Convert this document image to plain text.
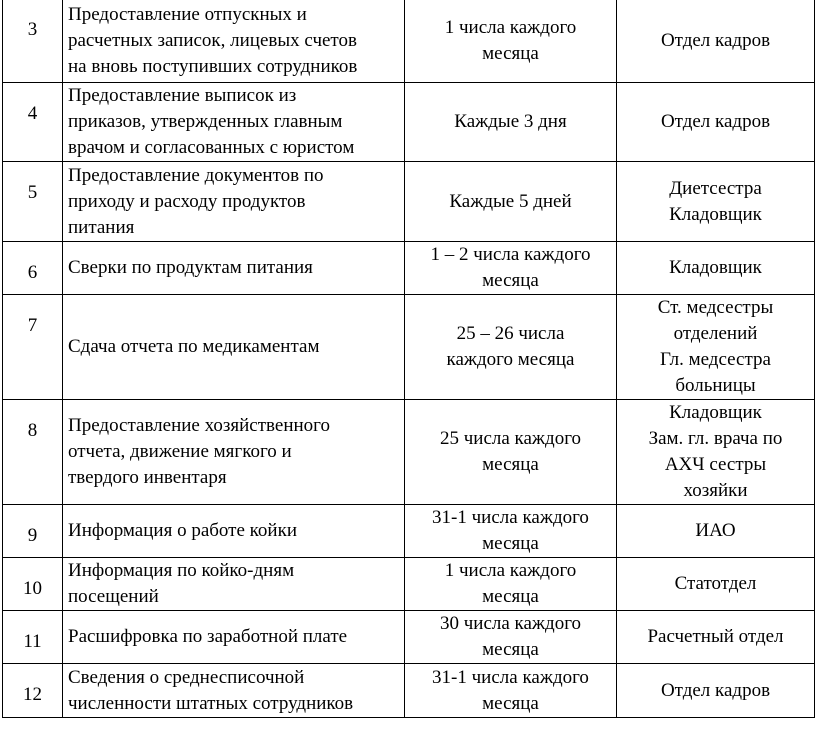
3	Предоставление отпускных и
расчетных записок, лицевых счетов
на вновь поступивших сотрудников	1 числа каждого
месяца	Отдел кадров

4	Предоставление выписок из
приказов, утвержденных главным
врачом и согласованных с юристом	Каждые 3 дня	Отдел кадров

5	Предоставление документов по
приходу и расходу продуктов
питания	Каждые 5 дней	Диетсестра
Кладовщик

6	Сверки по продуктам питания	1 – 2 числа каждого
месяца	Кладовщик

7	Сдача отчета по медикаментам	25 – 26 числа
каждого месяца	Ст. медсестры
отделений
Гл. медсестра
больницы

8	Предоставление хозяйственного
отчета, движение мягкого и
твердого инвентаря	25 числа каждого
месяца	Кладовщик
Зам. гл. врача по
АХЧ сестры
хозяйки

9	Информация о работе койки	31-1 числа каждого
месяца	ИАО

10	Информация по койко-дням
посещений	1 числа каждого
месяца	Статотдел

11	Расшифровка по заработной плате	30 числа каждого
месяца	Расчетный отдел

12	Сведения о среднесписочной
численности штатных сотрудников	31-1 числа каждого
месяца	Отдел кадров
